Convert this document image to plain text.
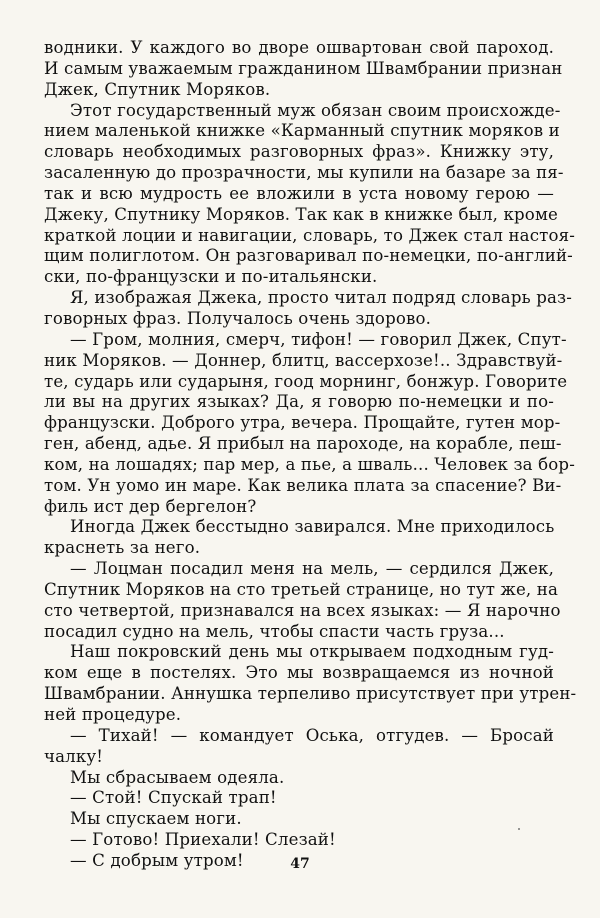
водники. У каждого во дворе ошвартован свой пароход.
И самым уважаемым гражданином Швамбрании признан
Джек, Спутник Моряков.
Этот государственный муж обязан своим происхожде-
нием маленькой книжке «Карманный спутник моряков и
словарь необходимых разговорных фраз». Книжку эту,
засаленную до прозрачности, мы купили на базаре за пя-
так и всю мудрость ее вложили в уста новому герою —
Джеку, Спутнику Моряков. Так как в книжке был, кроме
краткой лоции и навигации, словарь, то Джек стал настоя-
щим полиглотом. Он разговаривал по-немецки, по-англий-
ски, по-французски и по-итальянски.
Я, изображая Джека, просто читал подряд словарь раз-
говорных фраз. Получалось очень здорово.
— Гром, молния, смерч, тифон! — говорил Джек, Спут-
ник Моряков. — Доннер, блитц, вассерхозе!.. Здравствуй-
те, сударь или сударыня, гоод морнинг, бонжур. Говорите
ли вы на других языках? Да, я говорю по-немецки и по-
французски. Доброго утра, вечера. Прощайте, гутен мор-
ген, абенд, адье. Я прибыл на пароходе, на корабле, пеш-
ком, на лошадях; пар мер, а пье, а шваль... Человек за бор-
том. Ун уомо ин маре. Как велика плата за спасение? Ви-
филь ист дер бергелон?
Иногда Джек бесстыдно завирался. Мне приходилось
краснеть за него.
— Лоцман посадил меня на мель, — сердился Джек,
Спутник Моряков на сто третьей странице, но тут же, на
сто четвертой, признавался на всех языках: — Я нарочно
посадил судно на мель, чтобы спасти часть груза...
Наш покровский день мы открываем подходным гуд-
ком еще в постелях. Это мы возвращаемся из ночной
Швамбрании. Аннушка терпеливо присутствует при утрен-
ней процедуре.
— Тихай! — командует Оська, отгудев. — Бросай
чалку!
Мы сбрасываем одеяла.
— Стой! Спускай трап!
Мы спускаем ноги.
— Готово! Приехали! Слезай!
— С добрым утром!	47
